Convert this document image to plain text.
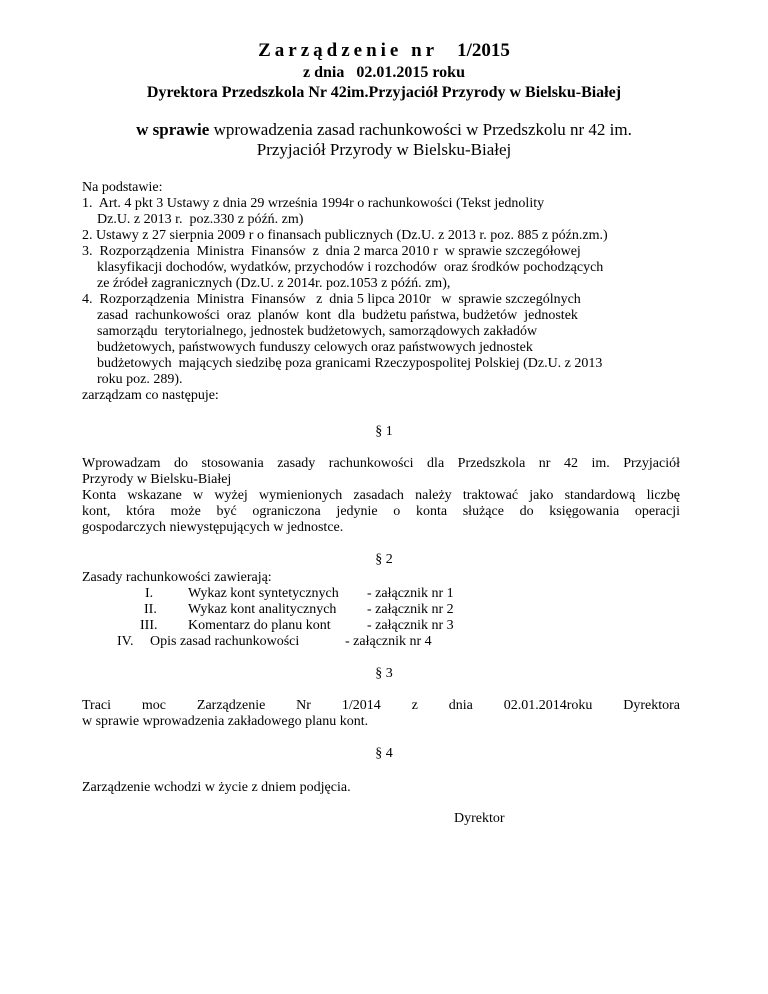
Zarządzenie nr 1/2015
z dnia   02.01.2015 roku
Dyrektora Przedszkola Nr 42im.Przyjaciół Przyrody w Bielsku-Białej
w sprawie wprowadzenia zasad rachunkowości w Przedszkolu nr 42 im.
Przyjaciół Przyrody w Bielsku-Białej
Na podstawie:
1.  Art. 4 pkt 3 Ustawy z dnia 29 września 1994r o rachunkowości (Tekst jednolity
Dz.U. z 2013 r.  poz.330 z późń. zm)
2. Ustawy z 27 sierpnia 2009 r o finansach publicznych (Dz.U. z 2013 r. poz. 885 z późn.zm.)
3.  Rozporządzenia  Ministra  Finansów  z  dnia 2 marca 2010 r  w sprawie szczegółowej
klasyfikacji dochodów, wydatków, przychodów i rozchodów  oraz środków pochodzących
ze źródeł zagranicznych (Dz.U. z 2014r. poz.1053 z późń. zm),
4.  Rozporządzenia  Ministra  Finansów   z  dnia 5 lipca 2010r   w  sprawie szczególnych
zasad  rachunkowości  oraz  planów  kont  dla  budżetu państwa, budżetów  jednostek
samorządu  terytorialnego, jednostek budżetowych, samorządowych zakładów
budżetowych, państwowych funduszy celowych oraz państwowych jednostek
budżetowych  mających siedzibę poza granicami Rzeczypospolitej Polskiej (Dz.U. z 2013
roku poz. 289).
zarządzam co następuje:
§ 1
Wprowadzam do stosowania zasady rachunkowości dla Przedszkola nr 42 im. Przyjaciół
Przyrody w Bielsku-Białej
Konta wskazane w wyżej wymienionych zasadach należy traktować jako standardową liczbę
kont, która może być ograniczona jedynie o konta służące do księgowania operacji
gospodarczych niewystępujących w jednostce.
§ 2
Zasady rachunkowości zawierają:
I. Wykaz kont syntetycznych - załącznik nr 1
II. Wykaz kont analitycznych - załącznik nr 2
III. Komentarz do planu kont	- załącznik nr 3
IV. Opis zasad rachunkowości	- załącznik nr 4
§ 3
Traci moc Zarządzenie Nr 1/2014 z dnia 02.01.2014roku Dyrektora
w sprawie wprowadzenia zakładowego planu kont.
§ 4
Zarządzenie wchodzi w życie z dniem podjęcia.
Dyrektor
